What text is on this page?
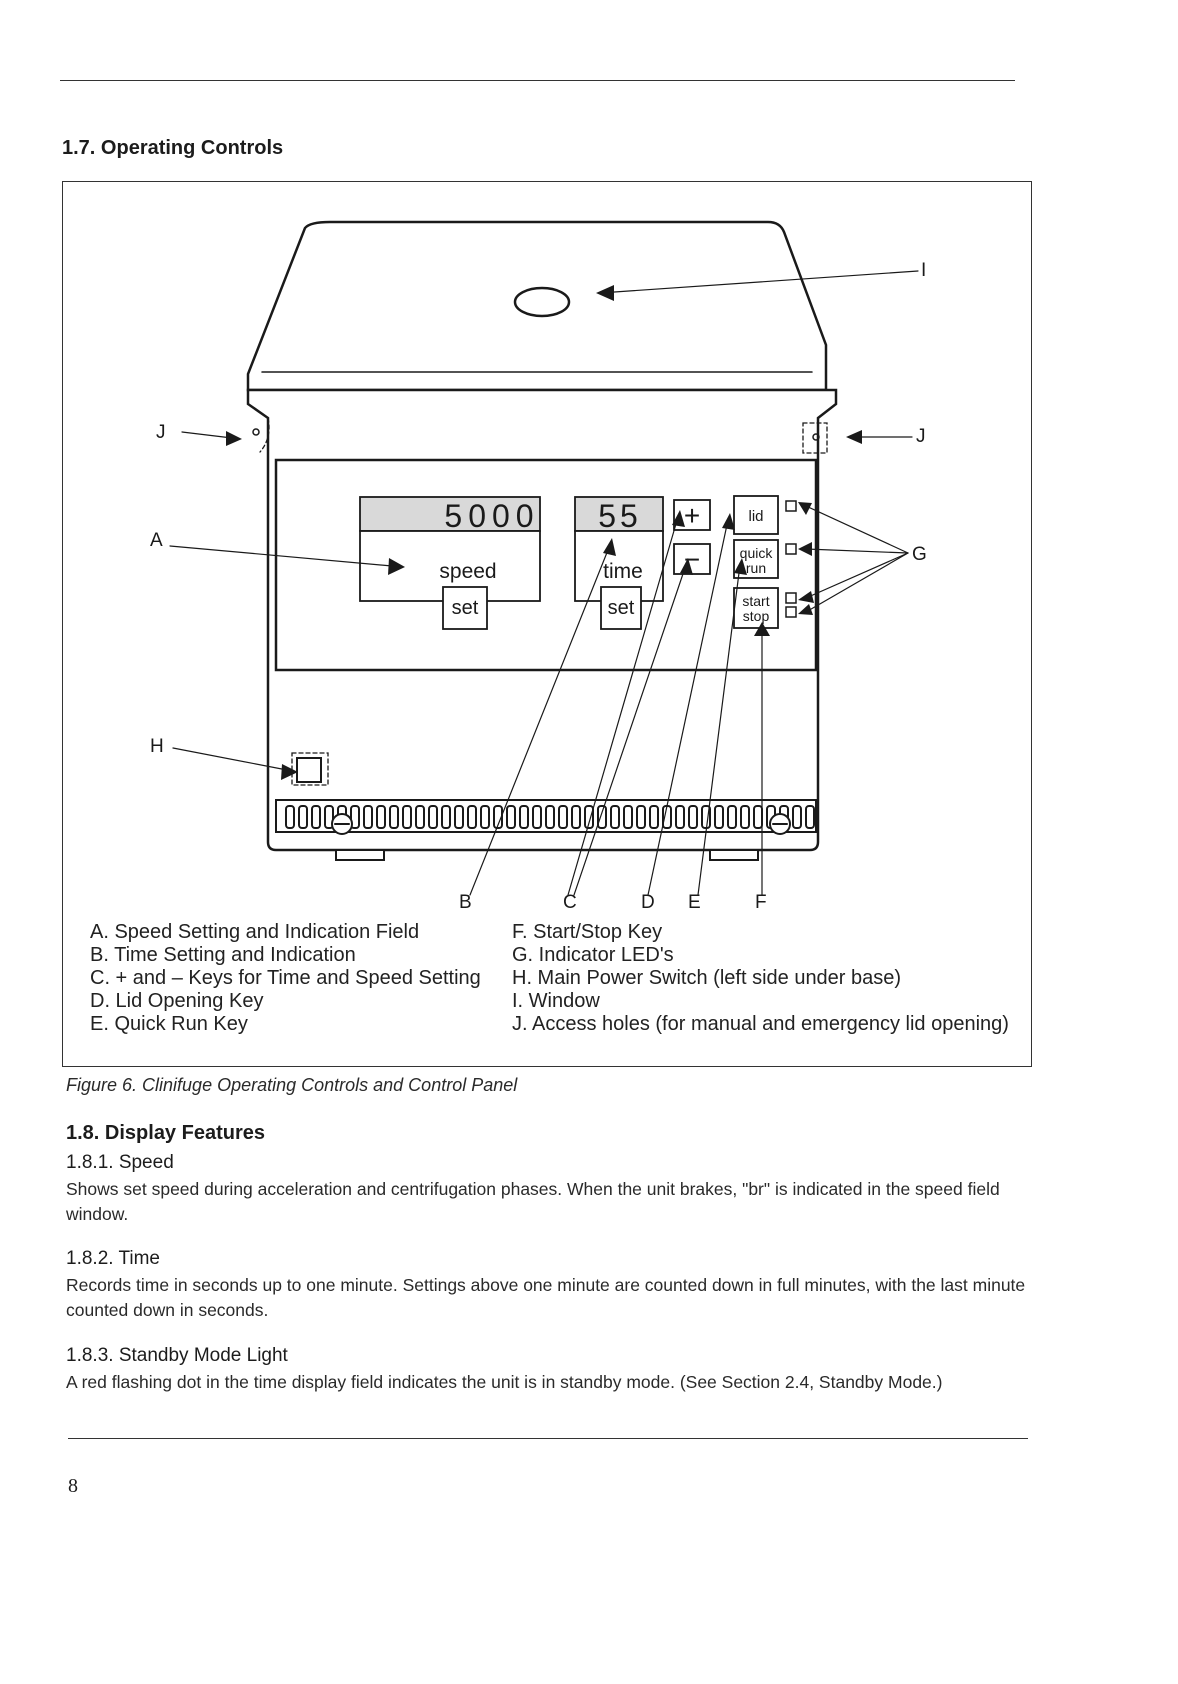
1.7. Operating Controls
5000 55
speed	time
set	set
+
−
lid
quick
run
start
stop
A
B	C	D E	F
G
H
I
J	J
A. Speed Setting and Indication Field
B. Time Setting and Indication
C. + and – Keys for Time and Speed Setting
D. Lid Opening Key
E. Quick Run Key
F. Start/Stop Key
G. Indicator LED's
H. Main Power Switch (left side under base)
I. Window
J. Access holes (for manual and emergency lid opening)
Figure 6. Clinifuge Operating Controls and Control Panel
1.8. Display Features
1.8.1. Speed
Shows set speed during acceleration and centrifugation phases. When the unit brakes, "br" is indicated in the speed field window.
1.8.2. Time
Records time in seconds up to one minute. Settings above one minute are counted down in full minutes, with the last minute counted down in seconds.
1.8.3. Standby Mode Light
A red flashing dot in the time display field indicates the unit is in standby mode. (See Section 2.4, Standby Mode.)
8
